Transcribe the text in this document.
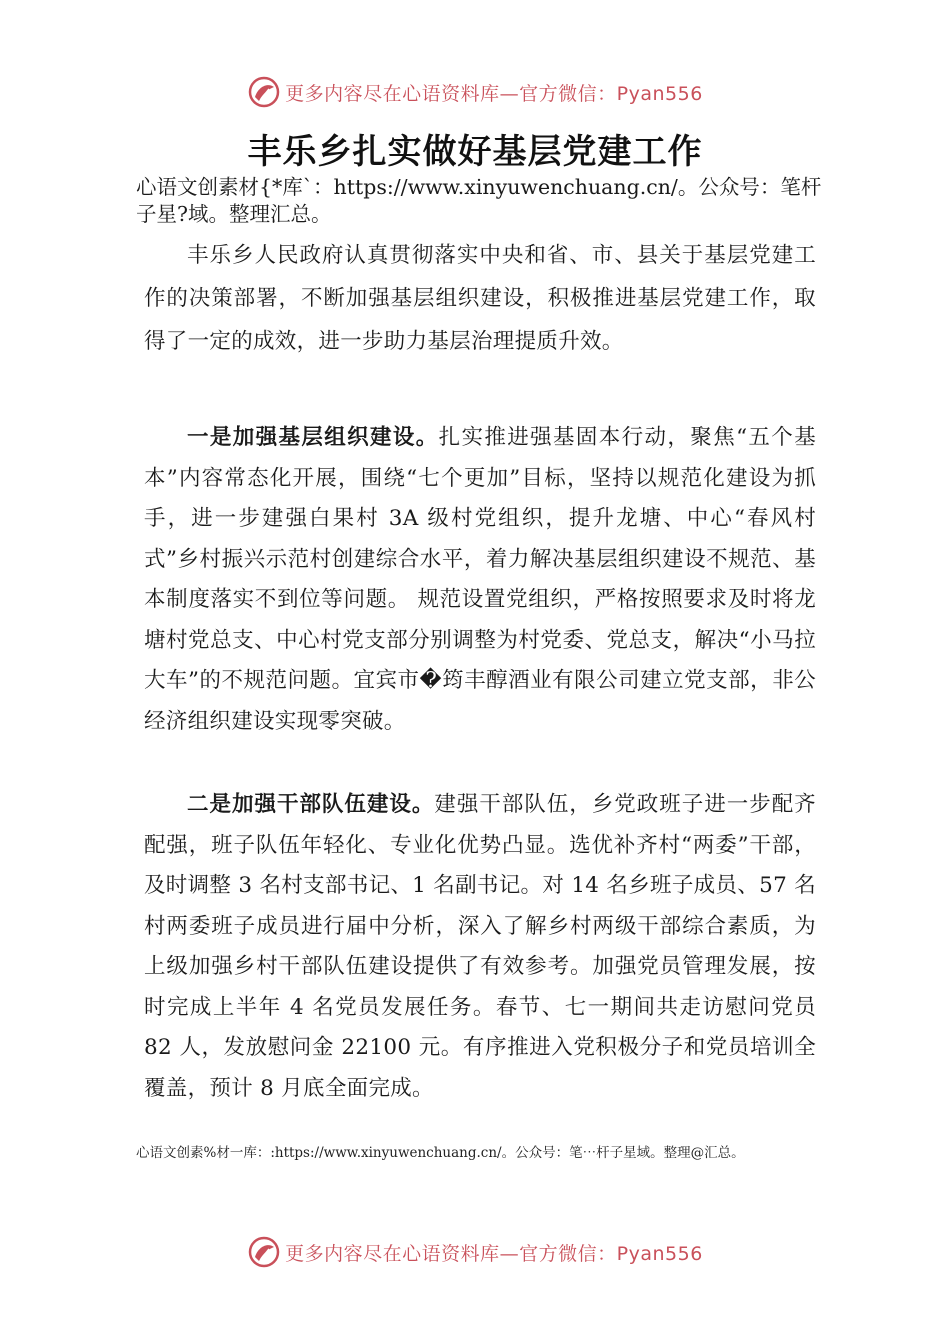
更多内容尽在心语资料库—官方微信：Pyan556
丰乐乡扎实做好基层党建工作

心语文创素材{*库`：https://www.xinyuwenchuang.cn/。公众号：笔杆子星?域。整理汇总。

丰乐乡人民政府认真贯彻落实中央和省、市、县关于基层党建工作的决策部署，不断加强基层组织建设，积极推进基层党建工作，取得了一定的成效，进一步助力基层治理提质升效。

一是加强基层组织建设。扎实推进强基固本行动，聚焦“五个基本”内容常态化开展，围绕“七个更加”目标，坚持以规范化建设为抓手，进一步建强白果村 3A 级村党组织，提升龙塘、中心“春风村式”乡村振兴示范村创建综合水平，着力解决基层组织建设不规范、基本制度落实不到位等问题。 规范设置党组织，严格按照要求及时将龙塘村党总支、中心村党支部分别调整为村党委、党总支，解决“小马拉大车”的不规范问题。宜宾市�筠丰醇酒业有限公司建立党支部，非公经济组织建设实现零突破。

二是加强干部队伍建设。建强干部队伍，乡党政班子进一步配齐配强，班子队伍年轻化、专业化优势凸显。选优补齐村“两委”干部，及时调整 3 名村支部书记、1 名副书记。对 14 名乡班子成员、57 名村两委班子成员进行届中分析，深入了解乡村两级干部综合素质，为上级加强乡村干部队伍建设提供了有效参考。加强党员管理发展，按时完成上半年 4 名党员发展任务。春节、七一期间共走访慰问党员 82 人，发放慰问金 22100 元。有序推进入党积极分子和党员培训全覆盖，预计 8 月底全面完成。

心语文创素%材一库：:https://www.xinyuwenchuang.cn/。公众号：笔⋯杆子星域。整理@汇总。

更多内容尽在心语资料库—官方微信：Pyan556
